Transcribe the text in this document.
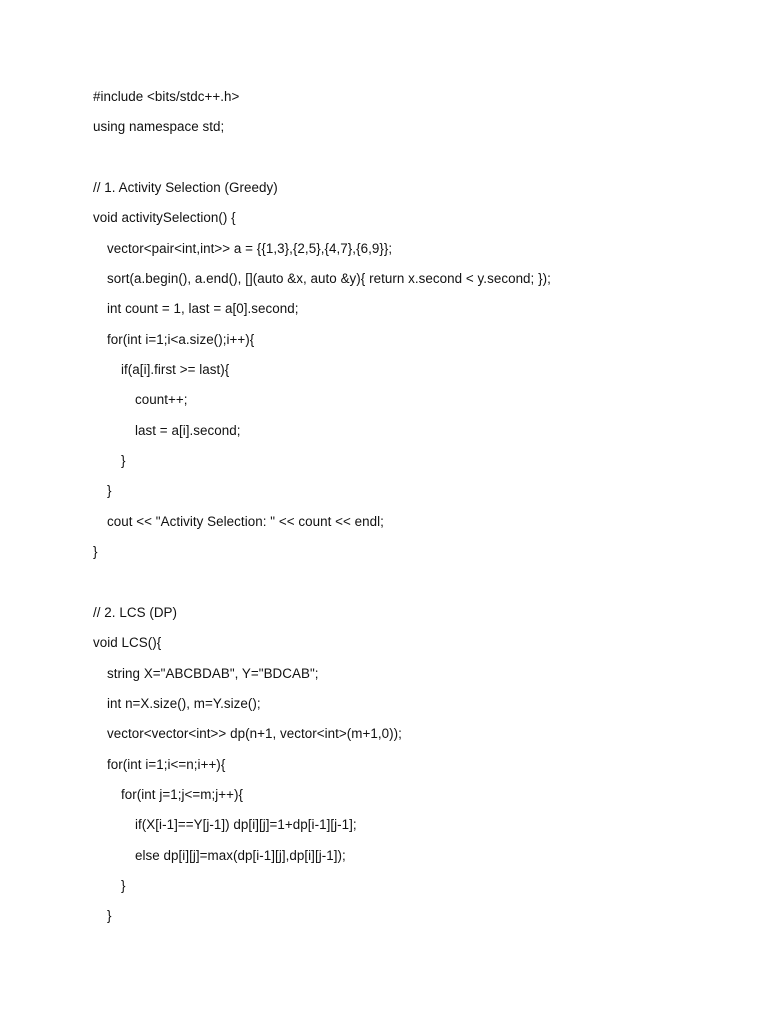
#include <bits/stdc++.h>
using namespace std;
// 1. Activity Selection (Greedy)
void activitySelection() {
vector<pair<int,int>> a = {{1,3},{2,5},{4,7},{6,9}};
sort(a.begin(), a.end(), [](auto &x, auto &y){ return x.second < y.second; });
int count = 1, last = a[0].second;
for(int i=1;i<a.size();i++){
if(a[i].first >= last){
count++;
last = a[i].second;
}
}
cout << "Activity Selection: " << count << endl;
}
// 2. LCS (DP)
void LCS(){
string X="ABCBDAB", Y="BDCAB";
int n=X.size(), m=Y.size();
vector<vector<int>> dp(n+1, vector<int>(m+1,0));
for(int i=1;i<=n;i++){
for(int j=1;j<=m;j++){
if(X[i-1]==Y[j-1]) dp[i][j]=1+dp[i-1][j-1];
else dp[i][j]=max(dp[i-1][j],dp[i][j-1]);
}
}
